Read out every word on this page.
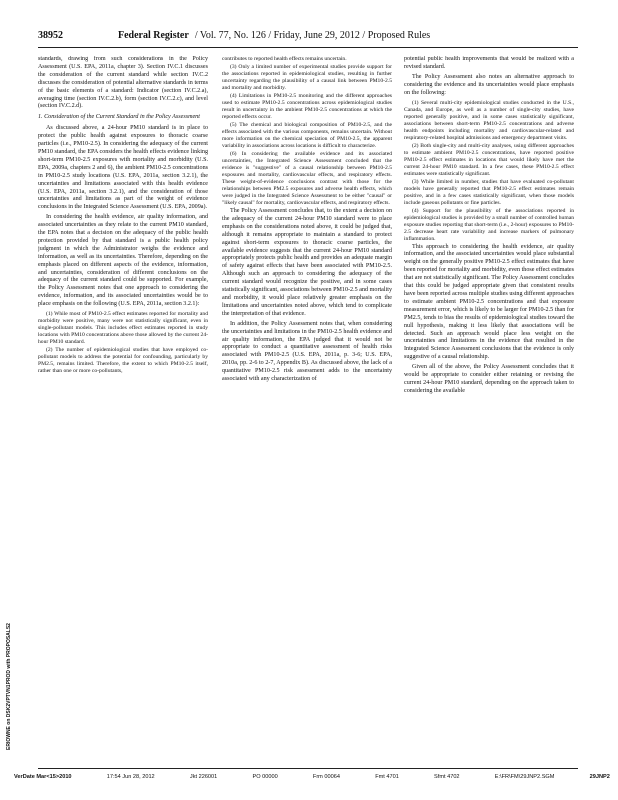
38952	Federal Register / Vol. 77, No. 126 / Friday, June 29, 2012 / Proposed Rules

standards, drawing from such considerations in the Policy Assessment (U.S. EPA, 2011a, chapter 3). Section IV.C.1 discusses the consideration of the current standard while section IV.C.2 discusses the consideration of potential alternative standards in terms of the basic elements of a standard: Indicator (section IV.C.2.a), averaging time (section IV.C.2.b), form (section IV.C.2.c), and level (section IV.C.2.d).

1. Consideration of the Current Standard in the Policy Assessment

As discussed above, a 24-hour PM10 standard is in place to protect the public health against exposures to thoracic coarse particles (i.e., PM10-2.5). In considering the adequacy of the current PM10 standard, the EPA considers the health effects evidence linking short-term PM10-2.5 exposures with mortality and morbidity (U.S. EPA, 2009a, chapters 2 and 6), the ambient PM10-2.5 concentrations in PM10-2.5 study locations (U.S. EPA, 2011a, section 3.2.1), the uncertainties and limitations associated with this health evidence (U.S. EPA, 2011a, section 3.2.1), and the consideration of those uncertainties and limitations as part of the weight of evidence conclusions in the Integrated Science Assessment (U.S. EPA, 2009a).

In considering the health evidence, air quality information, and associated uncertainties as they relate to the current PM10 standard, the EPA notes that a decision on the adequacy of the public health protection provided by that standard is a public health policy judgment in which the Administrator weighs the evidence and information, as well as its uncertainties. Therefore, depending on the emphasis placed on different aspects of the evidence, information, and uncertainties, consideration of different conclusions on the adequacy of the current standard could be supported. For example, the Policy Assessment notes that one approach to considering the evidence, information, and its associated uncertainties would be to place emphasis on the following (U.S. EPA, 2011a, section 3.2.1):

(1) While most of PM10-2.5 effect estimates reported for mortality and morbidity were positive, many were not statistically significant, even in single-pollutant models. This includes effect estimates reported in study locations with PM10 concentrations above those allowed by the current 24-hour PM10 standard.

(2) The number of epidemiological studies that have employed co-pollutant models to address the potential for confounding, particularly by PM2.5, remains limited. Therefore, the extent to which PM10-2.5 itself, rather than one or more co-pollutants,

contributes to reported health effects remains uncertain.

(3) Only a limited number of experimental studies provide support for the associations reported in epidemiological studies, resulting in further uncertainty regarding the plausibility of a causal link between PM10-2.5 and mortality and morbidity.

(4) Limitations in PM10-2.5 monitoring and the different approaches used to estimate PM10-2.5 concentrations across epidemiological studies result in uncertainty in the ambient PM10-2.5 concentrations at which the reported effects occur.

(5) The chemical and biological composition of PM10-2.5, and the effects associated with the various components, remains uncertain. Without more information on the chemical speciation of PM10-2.5, the apparent variability in associations across locations is difficult to characterize.

(6) In considering the available evidence and its associated uncertainties, the Integrated Science Assessment concluded that the evidence is "suggestive" of a causal relationship between PM10-2.5 exposures and mortality, cardiovascular effects, and respiratory effects. These weight-of-evidence conclusions contrast with those for the relationships between PM2.5 exposures and adverse health effects, which were judged in the Integrated Science Assessment to be either "causal" or "likely causal" for mortality, cardiovascular effects, and respiratory effects.

The Policy Assessment concludes that, to the extent a decision on the adequacy of the current 24-hour PM10 standard were to place emphasis on the considerations noted above, it could be judged that, although it remains appropriate to maintain a standard to protect against short-term exposures to thoracic coarse particles, the available evidence suggests that the current 24-hour PM10 standard appropriately protects public health and provides an adequate margin of safety against effects that have been associated with PM10-2.5. Although such an approach to considering the adequacy of the current standard would recognize the positive, and in some cases statistically significant, associations between PM10-2.5 and mortality and morbidity, it would place relatively greater emphasis on the limitations and uncertainties noted above, which tend to complicate the interpretation of that evidence.

In addition, the Policy Assessment notes that, when considering the uncertainties and limitations in the PM10-2.5 health evidence and air quality information, the EPA judged that it would not be appropriate to conduct a quantitative assessment of health risks associated with PM10-2.5 (U.S. EPA, 2011a, p. 3-6; U.S. EPA, 2010a, pp. 2-6 to 2-7, Appendix B). As discussed above, the lack of a quantitative PM10-2.5 risk assessment adds to the uncertainty associated with any characterization of

potential public health improvements that would be realized with a revised standard.

The Policy Assessment also notes an alternative approach to considering the evidence and its uncertainties would place emphasis on the following:

(1) Several multi-city epidemiological studies conducted in the U.S., Canada, and Europe, as well as a number of single-city studies, have reported generally positive, and in some cases statistically significant, associations between short-term PM10-2.5 concentrations and adverse health endpoints including mortality and cardiovascular-related and respiratory-related hospital admissions and emergency department visits.

(2) Both single-city and multi-city analyses, using different approaches to estimate ambient PM10-2.5 concentrations, have reported positive PM10-2.5 effect estimates in locations that would likely have met the current 24-hour PM10 standard. In a few cases, these PM10-2.5 effect estimates were statistically significant.

(3) While limited in number, studies that have evaluated co-pollutant models have generally reported that PM10-2.5 effect estimates remain positive, and in a few cases statistically significant, when those models include gaseous pollutants or fine particles.

(4) Support for the plausibility of the associations reported in epidemiological studies is provided by a small number of controlled human exposure studies reporting that short-term (i.e., 2-hour) exposures to PM10-2.5 decrease heart rate variability and increase markers of pulmonary inflammation.

This approach to considering the health evidence, air quality information, and the associated uncertainties would place substantial weight on the generally positive PM10-2.5 effect estimates that have been reported for mortality and morbidity, even those effect estimates that are not statistically significant. The Policy Assessment concludes that this could be judged appropriate given that consistent results have been reported across multiple studies using different approaches to estimate ambient PM10-2.5 concentrations and that exposure measurement error, which is likely to be larger for PM10-2.5 than for PM2.5, tends to bias the results of epidemiological studies toward the null hypothesis, making it less likely that associations will be detected. Such an approach would place less weight on the uncertainties and limitations in the evidence that resulted in the Integrated Science Assessment conclusions that the evidence is only suggestive of a causal relationship.

Given all of the above, the Policy Assessment concludes that it would be appropriate to consider either retaining or revising the current 24-hour PM10 standard, depending on the approach taken to considering the available

ERIOWNE on DSK2VPTVN1PROD with PROPOSALS2
VerDate Mar<15>2010	17:54 Jun 28, 2012	Jkt 226001	PO 00000	Frm 00064	Fmt 4701	Sfmt 4702	E:\FR\FM\29JNP2.SGM	29JNP2
